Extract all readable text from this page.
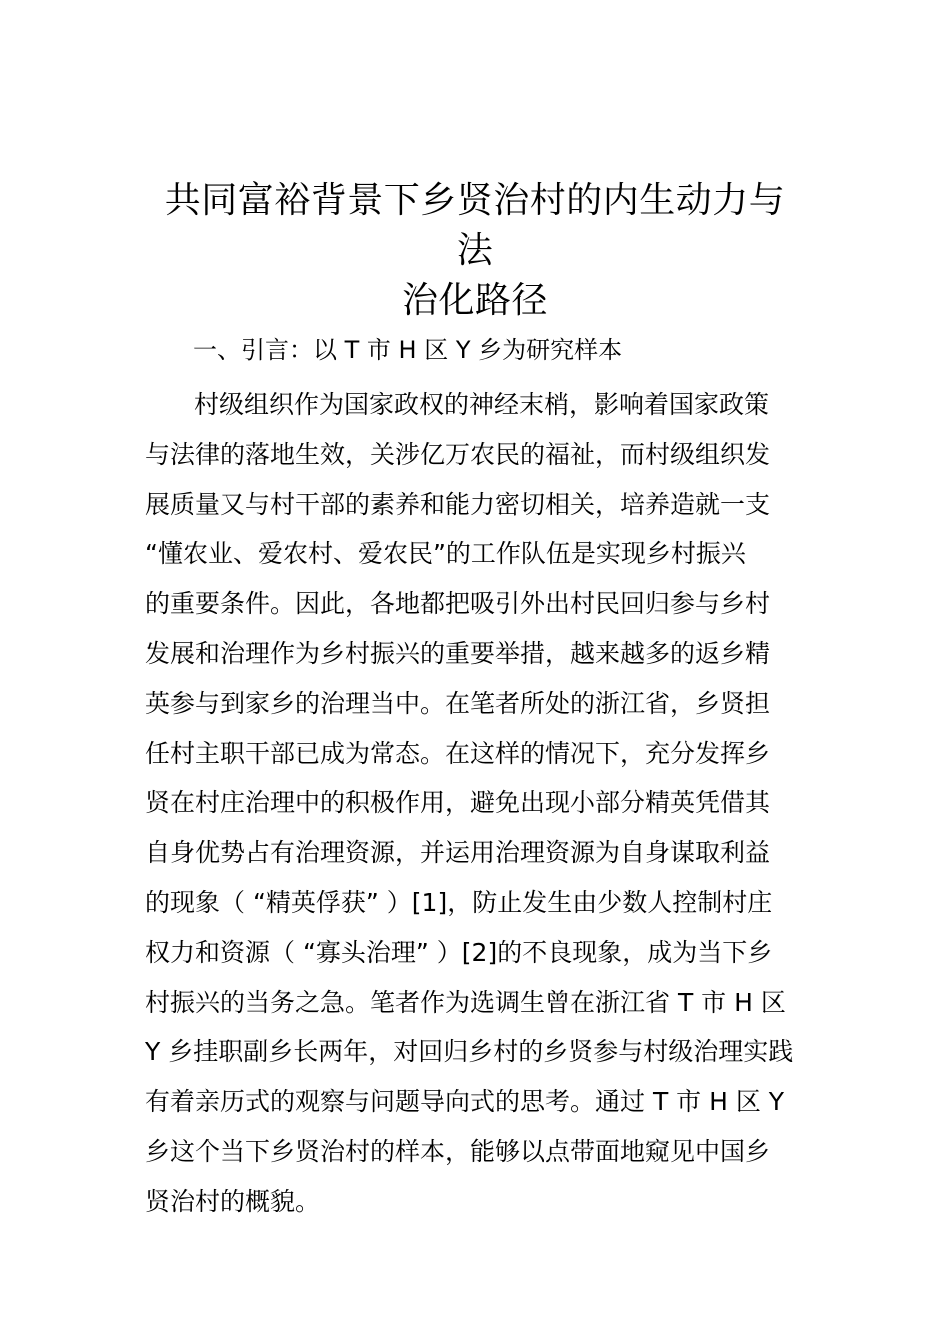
共同富裕背景下乡贤治村的内生动力与法
治化路径
一、引言：以 T 市 H 区 Y 乡为研究样本
村级组织作为国家政权的神经末梢，影响着国家政策
与法律的落地生效，关涉亿万农民的福祉，而村级组织发
展质量又与村干部的素养和能力密切相关，培养造就一支
“懂农业、爱农村、爱农民”的工作队伍是实现乡村振兴
的重要条件。因此，各地都把吸引外出村民回归参与乡村
发展和治理作为乡村振兴的重要举措，越来越多的返乡精
英参与到家乡的治理当中。在笔者所处的浙江省，乡贤担
任村主职干部已成为常态。在这样的情况下，充分发挥乡
贤在村庄治理中的积极作用，避免出现小部分精英凭借其
自身优势占有治理资源，并运用治理资源为自身谋取利益
的现象（ “精英俘获” ）[1]，防止发生由少数人控制村庄
权力和资源（ “寡头治理” ）[2]的不良现象，成为当下乡
村振兴的当务之急。笔者作为选调生曾在浙江省 T 市 H 区
Y 乡挂职副乡长两年，对回归乡村的乡贤参与村级治理实践
有着亲历式的观察与问题导向式的思考。通过 T 市 H 区 Y
乡这个当下乡贤治村的样本，能够以点带面地窥见中国乡
贤治村的概貌。
